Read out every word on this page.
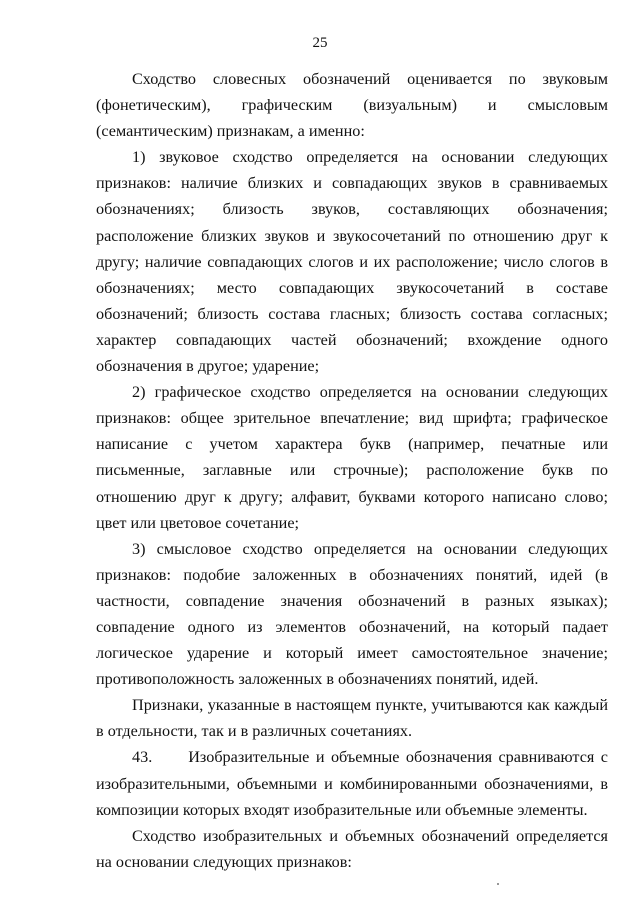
25

Сходство словесных обозначений оценивается по звуковым (фонетическим), графическим (визуальным) и смысловым (семантическим) признакам, а именно:

1) звуковое сходство определяется на основании следующих признаков: наличие близких и совпадающих звуков в сравниваемых обозначениях; близость звуков, составляющих обозначения; расположение близких звуков и звукосочетаний по отношению друг к другу; наличие совпадающих слогов и их расположение; число слогов в обозначениях; место совпадающих звукосочетаний в составе обозначений; близость состава гласных; близость состава согласных; характер совпадающих частей обозначений; вхождение одного обозначения в другое; ударение;

2) графическое сходство определяется на основании следующих признаков: общее зрительное впечатление; вид шрифта; графическое написание с учетом характера букв (например, печатные или письменные, заглавные или строчные); расположение букв по отношению друг к другу; алфавит, буквами которого написано слово; цвет или цветовое сочетание;

3) смысловое сходство определяется на основании следующих признаков: подобие заложенных в обозначениях понятий, идей (в частности, совпадение значения обозначений в разных языках); совпадение одного из элементов обозначений, на который падает логическое ударение и который имеет самостоятельное значение; противоположность заложенных в обозначениях понятий, идей.

Признаки, указанные в настоящем пункте, учитываются как каждый в отдельности, так и в различных сочетаниях.

43. Изобразительные и объемные обозначения сравниваются с изобразительными, объемными и комбинированными обозначениями, в композиции которых входят изобразительные или объемные элементы.

Сходство изобразительных и объемных обозначений определяется на основании следующих признаков:
